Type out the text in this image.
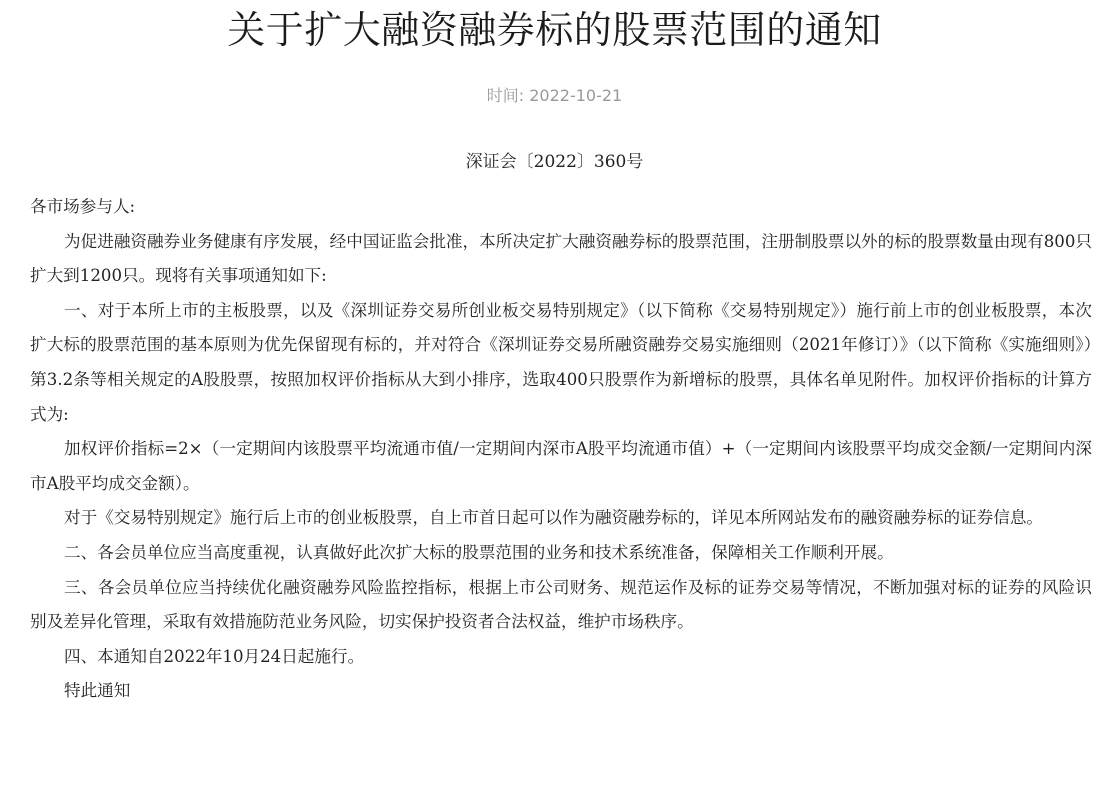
关于扩大融资融券标的股票范围的通知
时间: 2022-10-21
深证会〔2022〕360号

各市场参与人:

为促进融资融券业务健康有序发展，经中国证监会批准，本所决定扩大融资融券标的股票范围，注册制股票以外的标的股票数量由现有800只扩大到1200只。现将有关事项通知如下:

一、对于本所上市的主板股票，以及《深圳证券交易所创业板交易特别规定》（以下简称《交易特别规定》）施行前上市的创业板股票，本次扩大标的股票范围的基本原则为优先保留现有标的，并对符合《深圳证券交易所融资融券交易实施细则（2021年修订）》（以下简称《实施细则》）第3.2条等相关规定的A股股票，按照加权评价指标从大到小排序，选取400只股票作为新增标的股票，具体名单见附件。加权评价指标的计算方式为:

加权评价指标=2×（一定期间内该股票平均流通市值/一定期间内深市A股平均流通市值）+（一定期间内该股票平均成交金额/一定期间内深市A股平均成交金额）。

对于《交易特别规定》施行后上市的创业板股票，自上市首日起可以作为融资融券标的，详见本所网站发布的融资融券标的证券信息。

二、各会员单位应当高度重视，认真做好此次扩大标的股票范围的业务和技术系统准备，保障相关工作顺利开展。

三、各会员单位应当持续优化融资融券风险监控指标，根据上市公司财务、规范运作及标的证券交易等情况，不断加强对标的证券的风险识别及差异化管理，采取有效措施防范业务风险，切实保护投资者合法权益，维护市场秩序。

四、本通知自2022年10月24日起施行。

特此通知
